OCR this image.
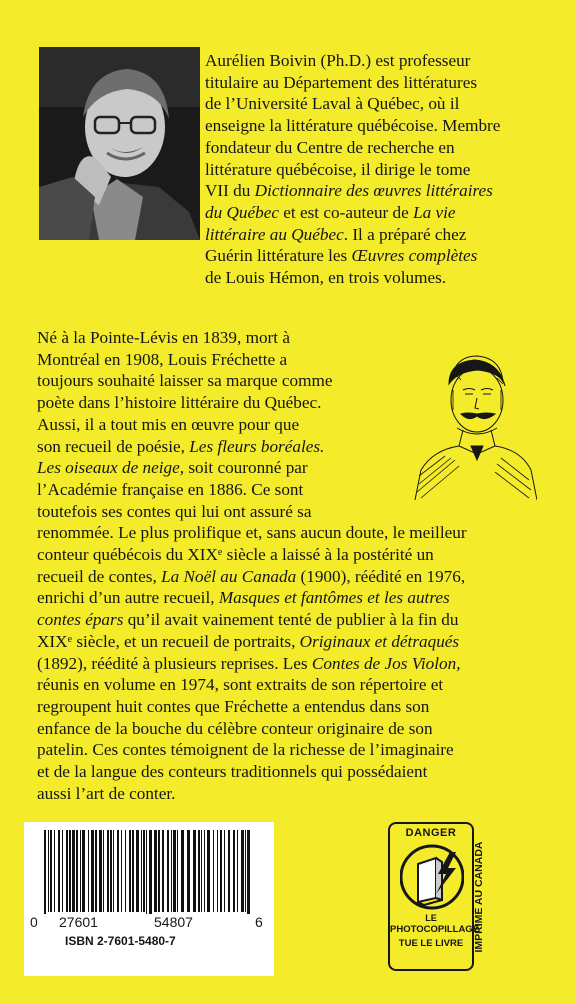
Aurélien Boivin (Ph.D.) est professeur
titulaire au Département des littératures
de l’Université Laval à Québec, où il
enseigne la littérature québécoise. Membre
fondateur du Centre de recherche en
littérature québécoise, il dirige le tome
VII du Dictionnaire des œuvres littéraires
du Québec et est co-auteur de La vie
littéraire au Québec. Il a préparé chez
Guérin littérature les Œuvres complètes
de Louis Hémon, en trois volumes.
Né à la Pointe-Lévis en 1839, mort à
Montréal en 1908, Louis Fréchette a
toujours souhaité laisser sa marque comme
poète dans l’histoire littéraire du Québec.
Aussi, il a tout mis en œuvre pour que
son recueil de poésie, Les fleurs boréales.
Les oiseaux de neige, soit couronné par
l’Académie française en 1886. Ce sont
toutefois ses contes qui lui ont assuré sa
renommée. Le plus prolifique et, sans aucun doute, le meilleur
conteur québécois du XIXe siècle a laissé à la postérité un
recueil de contes, La Noël au Canada (1900), réédité en 1976,
enrichi d’un autre recueil, Masques et fantômes et les autres
contes épars qu’il avait vainement tenté de publier à la fin du
XIXe siècle, et un recueil de portraits, Originaux et détraqués
(1892), réédité à plusieurs reprises. Les Contes de Jos Violon,
réunis en volume en 1974, sont extraits de son répertoire et
regroupent huit contes que Fréchette a entendus dans son
enfance de la bouche du célèbre conteur originaire de son
patelin. Ces contes témoignent de la richesse de l’imaginaire
et de la langue des conteurs traditionnels qui possédaient
aussi l’art de conter.
0 27601	54807	6
ISBN 2-7601-5480-7
DANGER
LE
PHOTOCOPILLAGE
TUE LE LIVRE IMPRIMÉ AU CANADA
